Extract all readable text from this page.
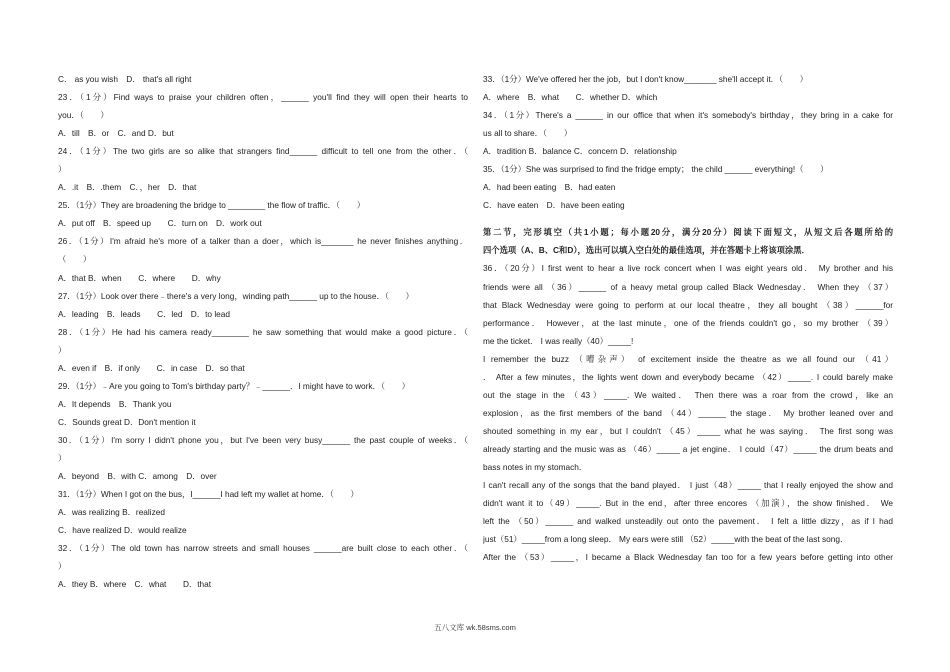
C． as you wish　D． that's all right
23．（1分）Find ways to praise your children often，______ you'll find they will open their hearts to
you．（　　）
A．till　B．or　C．and D．but
24．（1分）The two girls are so alike that strangers find______ difficult to tell one from the other．（
）
A．.it　B．.them　C．，her　D．that
25．（1分）They are broadening the bridge to ________ the flow of traffic．（　　）
A．put off　B．speed up　　C．turn on　D．work out
26．（1分）I'm afraid he's more of a talker than a doer，which is_______ he never finishes anything．
（　　）
A．that B．when　　C．where　　D．why
27．（1分）Look over there﹣there's a very long，winding path______ up to the house．（　　）
A．leading　B．leads　　C．led　D．to lead
28．（1分）He had his camera ready________ he saw something that would make a good picture．（
）
A．even if　B．if only　　C．in case　D．so that
29．（1分）﹣Are you going to Tom's birthday party？﹣______．I might have to work．（　　）
A．It depends　B．Thank you
C．Sounds great D．Don't mention it
30．（1分）I'm sorry I didn't phone you，but I've been very busy______ the past couple of weeks．（
）
A．beyond　B．with C．among　D．over
31．（1分）When I got on the bus，I______I had left my wallet at home．（　　）
A．was realizing B．realized
C．have realized D．would realize
32．（1分）The old town has narrow streets and small houses ______are built close to each other．（
）
A．they B．where　C．what　　D．that
33．（1分）We've offered her the job，but I don't know_______ she'll accept it．（　　）
A．where　B．what　　C．whether D．which
34．（1分）There's a ______ in our office that when it's somebody's birthday，they bring in a cake for
us all to share．（　　）
A．tradition B．balance C．concern D．relationship
35．（1分）She was surprised to find the fridge empty； the child ______ everything!（　　）
A．had been eating　B．had eaten
C．have eaten　D．have been eating
第二节，完形填空（共1小题；每小题20分，满分20分）阅读下面短文，从短文后各题所给的
四个选项（A、B、C和D），选出可以填入空白处的最佳选项，并在答题卡上将该项涂黑．
36．（20分）I first went to hear a live rock concert when I was eight years old． My brother and his
friends were all （36）______ of a heavy metal group called Black Wednesday． When they （37）
that Black Wednesday were going to perform at our local theatre，they all bought （38）______for
performance． However，at the last minute，one of the friends couldn't go，so my brother （39）
me the ticket． I was really（40）_____!
I remember the buzz （嘈杂声） of excitement inside the theatre as we all found our （41）
． After a few minutes，the lights went down and everybody became （42）_____. I could barely make
out the stage in the （43）_____. We waited． Then there was a roar from the crowd，like an
explosion，as the first members of the band （44）______ the stage． My brother leaned over and
shouted something in my ear，but I couldn't （45）_____ what he was saying． The first song was
already starting and the music was as （46）_____ a jet engine． I could（47）_____ the drum beats and
bass notes in my stomach．
I can't recall any of the songs that the band played． I just（48）_____ that I really enjoyed the show and
didn't want it to（49）_____. But in the end，after three encores （加演），the show finished． We
left the （50）______ and walked unsteadily out onto the pavement． I felt a little dizzy，as if I had
just（51）_____from a long sleep． My ears were still （52）_____with the beat of the last song．
After the （53）_____，I became a Black Wednesday fan too for a few years before getting into other
五八文库 wk.58sms.com
